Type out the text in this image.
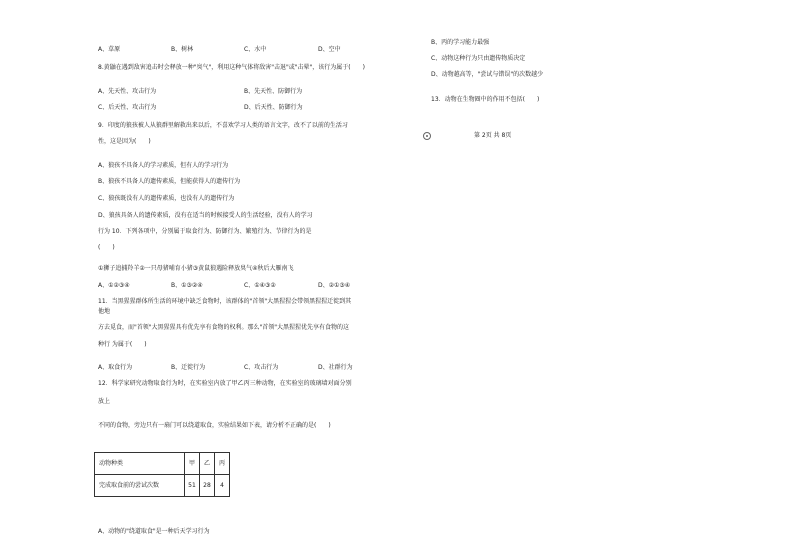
A、草原	B、树林	C、水中	D、空中
8.黄鼬在遇到敌害追击时会释放一种"臭气"，利用这种气体将敌害"击退"或"击晕"，该行为属于(　　)
A、先天性、攻击行为	B、先天性、防御行为
C、后天性、攻击行为	D、后天性、防御行为
9．印度的狼孩被人从狼群里解救出来以后，不喜欢学习人类的语言文字，改不了以前的生活习
性，这是因为(　　)
A、狼孩不具备人的学习素质，但有人的学习行为
B、狼孩不具备人的遗传素质，但能获得人的遗传行为
C、狼孩既没有人的遗传素质，也没有人的遗传行为
D、狼孩具备人的遗传素质，没有在适当的时候接受人的生活经验，没有人的学习
行为 10．下列各项中，分别属于取食行为、防御行为、繁殖行为、节律行为的是
(　　)
①狮子追捕羚羊②一只母猪哺育小猪③黄鼠狼遇险释放臭气④秋后大雁南飞
A、①②③④	B、①③②④	C、①④③②	D、②①③④
11．当黑猩猩群体所生活的环境中缺乏食物时，该群体的"首领"大黑猩猩会带领黑猩猩迁徙到其
他地
方去觅食，而"首领"大黑猩猩具有优先享有食物的权利。那么"首领"大黑猩猩优先享有食物的这
种行 为属于(　　)
A、取食行为	B、迁徙行为	C、攻击行为	D、社群行为
12．科学家研究动物取食行为时，在实验室内放了甲乙丙三种动物，在实验室的玻璃墙对面分别
放上
不同的食物，旁边只有一扇门可以绕道取食，实验结果如下表，请分析不正确的是(　　)
动物种类	甲	乙	丙
完成取食前的尝试次数	51	28	4
A、动物的"绕道取食"是一种后天学习行为
B、丙的学习能力最强
C、动物这种行为只由遗传物质决定
D、动物越高等，"尝试与错误"的次数越少
13．动物在生物圈中的作用不包括(　　)
第 2页 共 8页
